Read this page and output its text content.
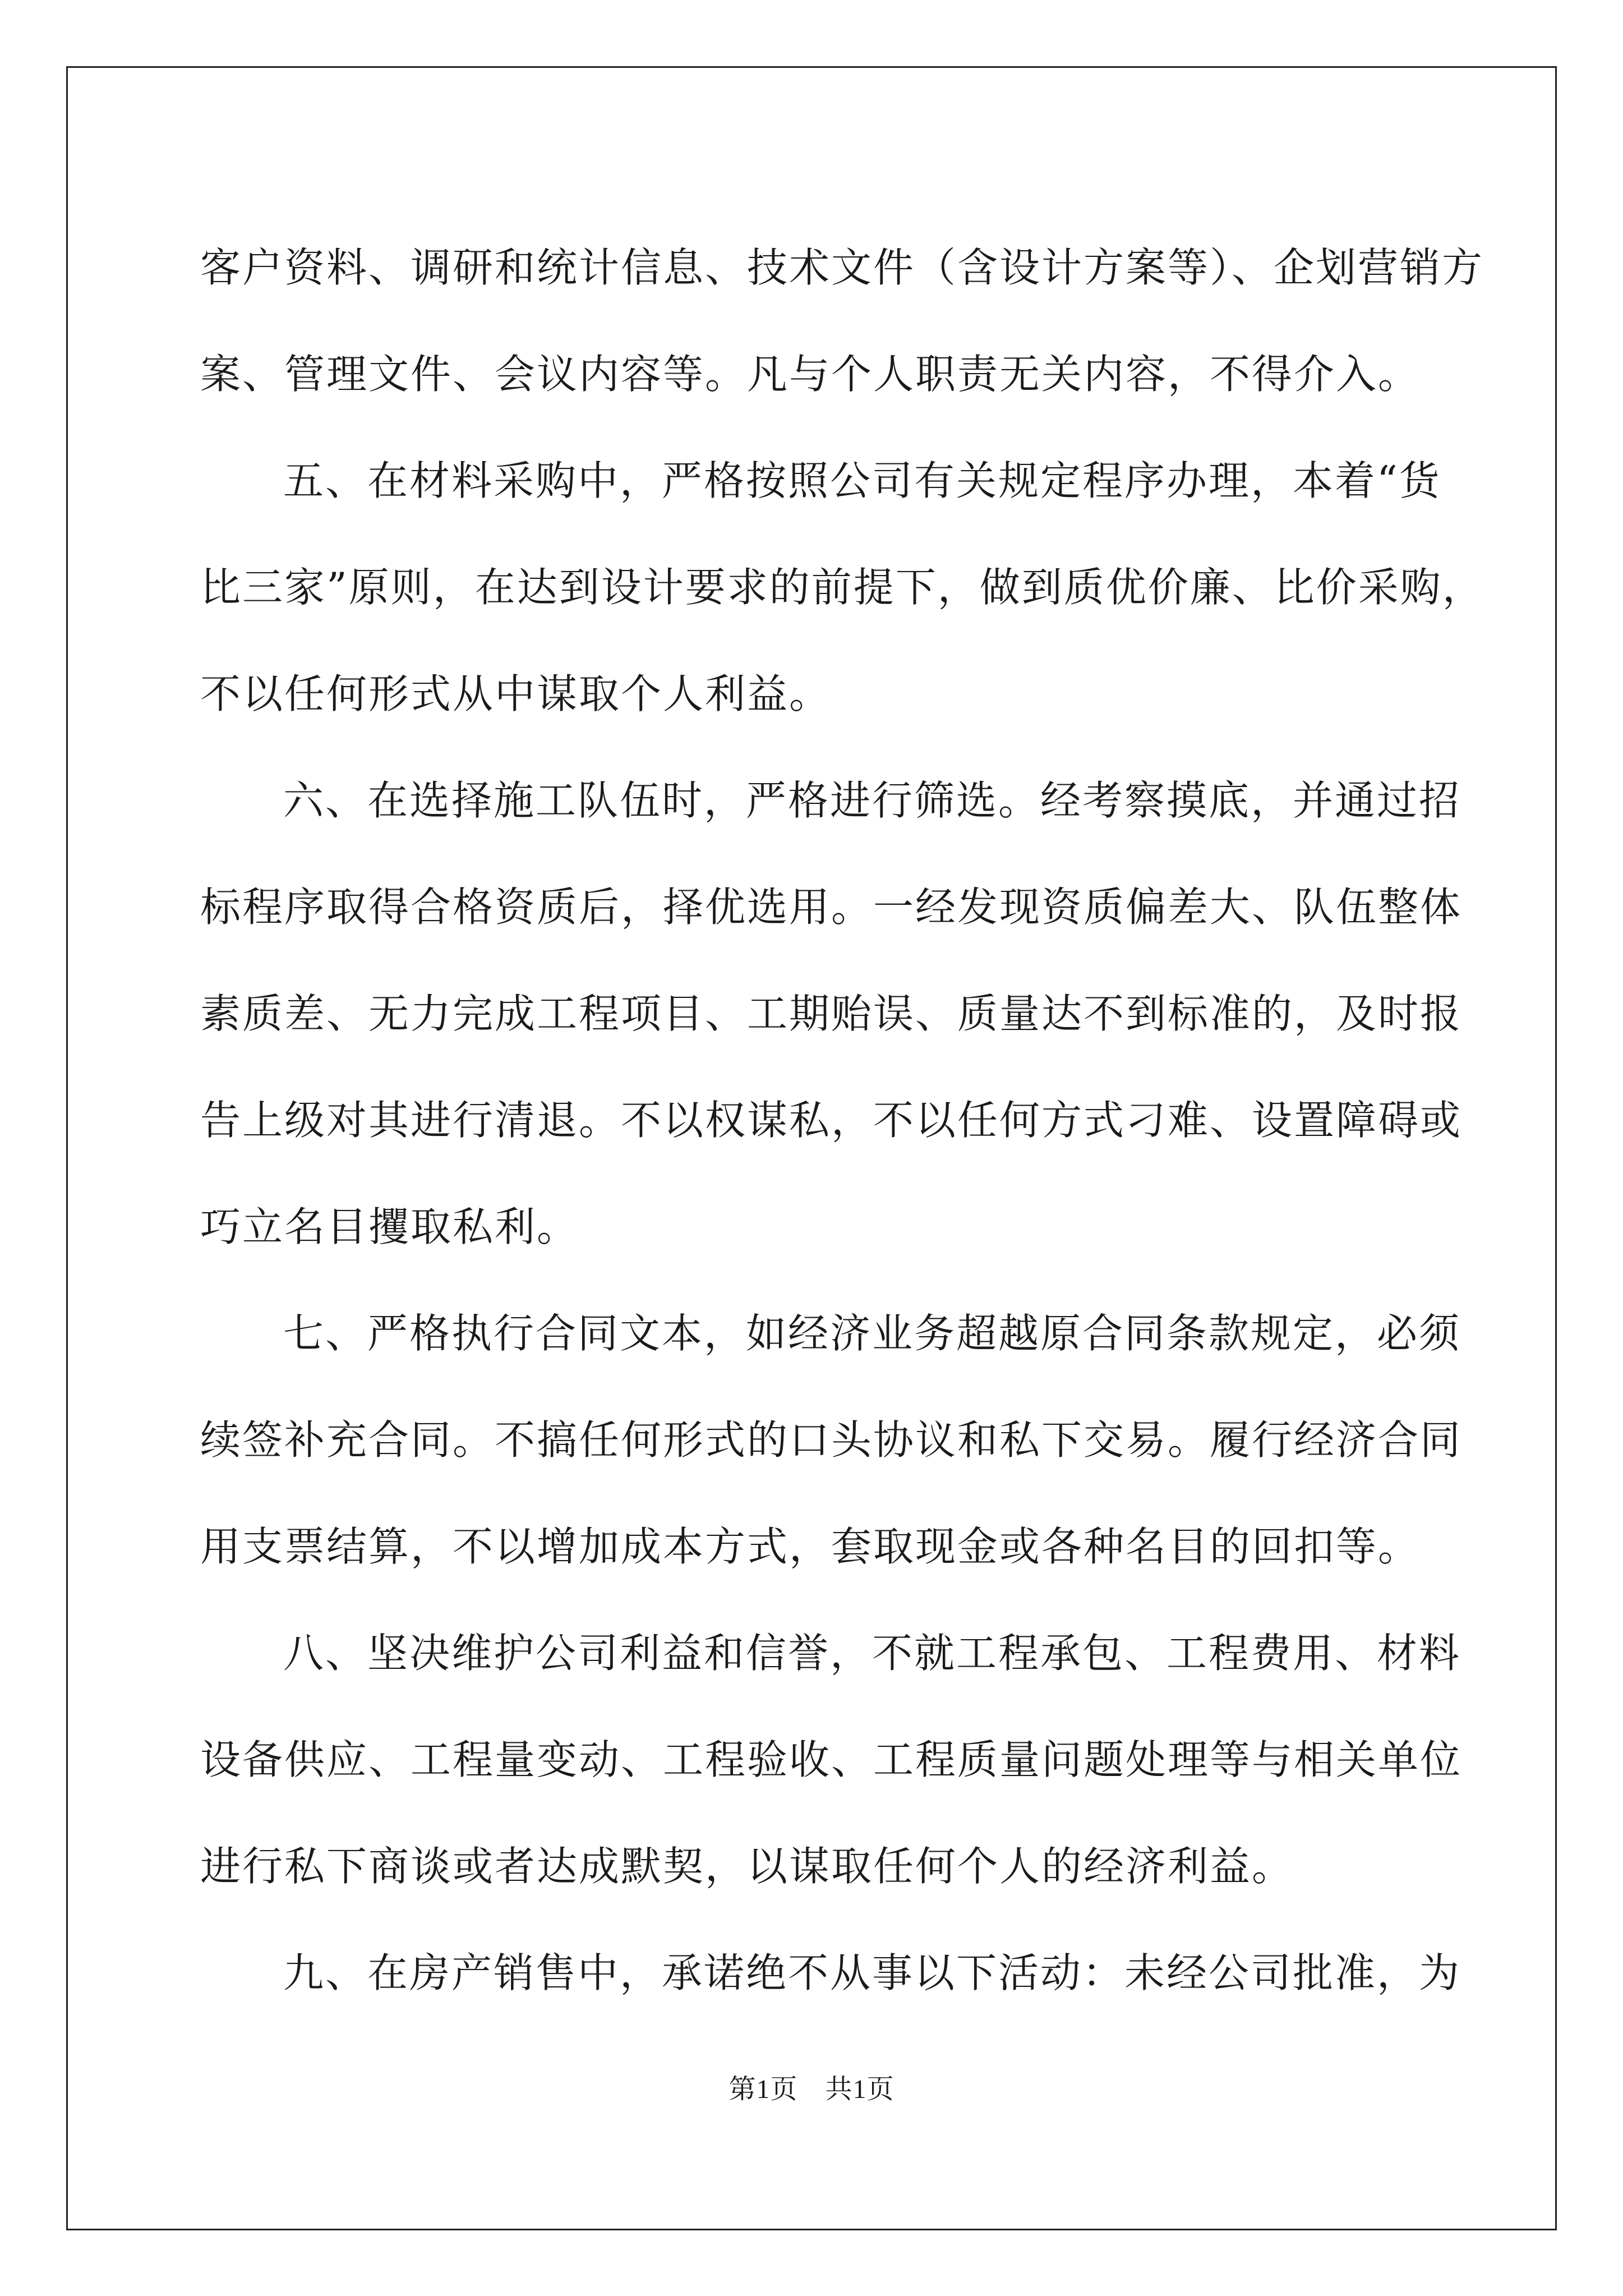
客户资料、调研和统计信息、技术文件（含设计方案等）、企划营销方
案、管理文件、会议内容等。凡与个人职责无关内容，不得介入。
五、在材料采购中，严格按照公司有关规定程序办理，本着“货
比三家”原则，在达到设计要求的前提下，做到质优价廉、比价采购，
不以任何形式从中谋取个人利益。
六、在选择施工队伍时，严格进行筛选。经考察摸底，并通过招
标程序取得合格资质后，择优选用。一经发现资质偏差大、队伍整体
素质差、无力完成工程项目、工期贻误、质量达不到标准的，及时报
告上级对其进行清退。不以权谋私，不以任何方式刁难、设置障碍或
巧立名目攫取私利。
七、严格执行合同文本，如经济业务超越原合同条款规定，必须
续签补充合同。不搞任何形式的口头协议和私下交易。履行经济合同
用支票结算，不以增加成本方式，套取现金或各种名目的回扣等。
八、坚决维护公司利益和信誉，不就工程承包、工程费用、材料
设备供应、工程量变动、工程验收、工程质量问题处理等与相关单位
进行私下商谈或者达成默契，以谋取任何个人的经济利益。
九、在房产销售中，承诺绝不从事以下活动：未经公司批准，为
第1页　共1页
